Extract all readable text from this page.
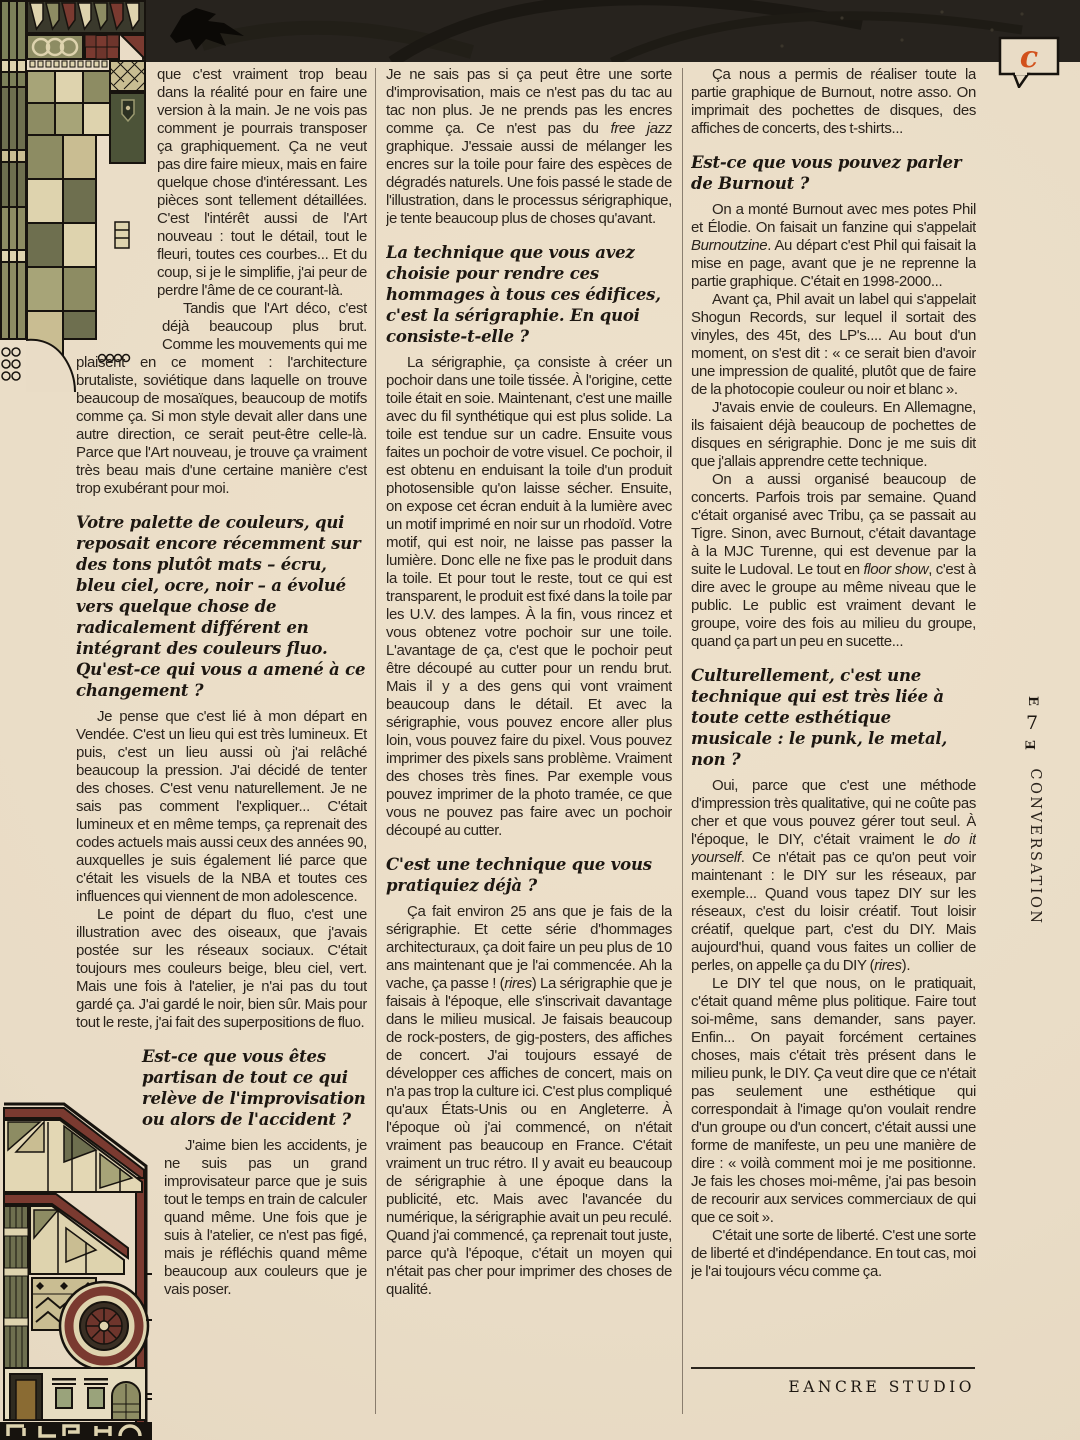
c

que c'est vraiment trop beau dans la réalité pour en faire une version à la main. Je ne vois pas comment je pourrais transposer ça graphiquement. Ça ne veut pas dire faire mieux, mais en faire quelque chose d'intéressant. Les pièces sont tellement détaillées. C'est l'intérêt aussi de l'Art nouveau : tout le détail, tout le fleuri, toutes ces courbes... Et du coup, si je le simplifie, j'ai peur de perdre l'âme de ce courant-là.

Tandis que l'Art déco, c'est déjà beaucoup plus brut. Comme les mouvements qui me plaisent en ce moment : l'architecture brutaliste, soviétique dans laquelle on trouve beaucoup de mosaïques, beaucoup de motifs comme ça. Si mon style devait aller dans une autre direction, ce serait peut-être celle-là. Parce que l'Art nouveau, je trouve ça vraiment très beau mais d'une certaine manière c'est trop exubérant pour moi.

Votre palette de couleurs, qui reposait encore récemment sur des tons plutôt mats – écru, bleu ciel, ocre, noir – a évolué vers quelque chose de radicalement différent en intégrant des couleurs fluo. Qu'est-ce qui vous a amené à ce changement ?

Je pense que c'est lié à mon départ en Vendée. C'est un lieu qui est très lumineux. Et puis, c'est un lieu aussi où j'ai relâché beaucoup la pression. J'ai décidé de tenter des choses. C'est venu naturellement. Je ne sais pas comment l'expliquer... C'était lumineux et en même temps, ça reprenait des codes actuels mais aussi ceux des années 90, auxquelles je suis également lié parce que c'était les visuels de la NBA et toutes ces influences qui viennent de mon adolescence.

Le point de départ du fluo, c'est une illustration avec des oiseaux, que j'avais postée sur les réseaux sociaux. C'était toujours mes couleurs beige, bleu ciel, vert. Mais une fois à l'atelier, je n'ai pas du tout gardé ça. J'ai gardé le noir, bien sûr. Mais pour tout le reste, j'ai fait des superpositions de fluo.

Est-ce que vous êtes partisan de tout ce qui relève de l'improvisation ou alors de l'accident ?

J'aime bien les accidents, je ne suis pas un grand improvisateur parce que je suis tout le temps en train de calculer quand même. Une fois que je suis à l'atelier, ce n'est pas figé, mais je réfléchis quand même beaucoup aux couleurs que je vais poser.

Je ne sais pas si ça peut être une sorte d'improvisation, mais ce n'est pas du tac au tac non plus. Je ne prends pas les encres comme ça. Ce n'est pas du free jazz graphique. J'essaie aussi de mélanger les encres sur la toile pour faire des espèces de dégradés naturels. Une fois passé le stade de l'illustration, dans le processus sérigraphique, je tente beaucoup plus de choses qu'avant.

La technique que vous avez choisie pour rendre ces hommages à tous ces édifices, c'est la sérigraphie. En quoi consiste-t-elle ?

La sérigraphie, ça consiste à créer un pochoir dans une toile tissée. À l'origine, cette toile était en soie. Maintenant, c'est une maille avec du fil synthétique qui est plus solide. La toile est tendue sur un cadre. Ensuite vous faites un pochoir de votre visuel. Ce pochoir, il est obtenu en enduisant la toile d'un produit photosensible qu'on laisse sécher. Ensuite, on expose cet écran enduit à la lumière avec un motif imprimé en noir sur un rhodoïd. Votre motif, qui est noir, ne laisse pas passer la lumière. Donc elle ne fixe pas le produit dans la toile. Et pour tout le reste, tout ce qui est transparent, le produit est fixé dans la toile par les U.V. des lampes. À la fin, vous rincez et vous obtenez votre pochoir sur une toile. L'avantage de ça, c'est que le pochoir peut être découpé au cutter pour un rendu brut. Mais il y a des gens qui vont vraiment beaucoup dans le détail. Et avec la sérigraphie, vous pouvez encore aller plus loin, vous pouvez faire du pixel. Vous pouvez imprimer des pixels sans problème. Vraiment des choses très fines. Par exemple vous pouvez imprimer de la photo tramée, ce que vous ne pouvez pas faire avec un pochoir découpé au cutter.

C'est une technique que vous pratiquiez déjà ?

Ça fait environ 25 ans que je fais de la sérigraphie. Et cette série d'hommages architecturaux, ça doit faire un peu plus de 10 ans maintenant que je l'ai commencée. Ah la vache, ça passe ! (rires) La sérigraphie que je faisais à l'époque, elle s'inscrivait davantage dans le milieu musical. Je faisais beaucoup de rock-posters, de gig-posters, des affiches de concert. J'ai toujours essayé de développer ces affiches de concert, mais on n'a pas trop la culture ici. C'est plus compliqué qu'aux États-Unis ou en Angleterre. À l'époque où j'ai commencé, on n'était vraiment pas beaucoup en France. C'était vraiment un truc rétro. Il y avait eu beaucoup de sérigraphie à une époque dans la publicité, etc. Mais avec l'avancée du numérique, la sérigraphie avait un peu reculé. Quand j'ai commencé, ça reprenait tout juste, parce qu'à l'époque, c'était un moyen qui n'était pas cher pour imprimer des choses de qualité.

Ça nous a permis de réaliser toute la partie graphique de Burnout, notre asso. On imprimait des pochettes de disques, des affiches de concerts, des t-shirts...

Est-ce que vous pouvez parler de Burnout ?

On a monté Burnout avec mes potes Phil et Élodie. On faisait un fanzine qui s'appelait Burnoutzine. Au départ c'est Phil qui faisait la mise en page, avant que je ne reprenne la partie graphique. C'était en 1998-2000...

Avant ça, Phil avait un label qui s'appelait Shogun Records, sur lequel il sortait des vinyles, des 45t, des LP's.... Au bout d'un moment, on s'est dit : « ce serait bien d'avoir une impression de qualité, plutôt que de faire de la photocopie couleur ou noir et blanc ».

J'avais envie de couleurs. En Allemagne, ils faisaient déjà beaucoup de pochettes de disques en sérigraphie. Donc je me suis dit que j'allais apprendre cette technique.

On a aussi organisé beaucoup de concerts. Parfois trois par semaine. Quand c'était organisé avec Tribu, ça se passait au Tigre. Sinon, avec Burnout, c'était davantage à la MJC Turenne, qui est devenue par la suite le Ludoval. Le tout en floor show, c'est à dire avec le groupe au même niveau que le public. Le public est vraiment devant le groupe, voire des fois au milieu du groupe, quand ça part un peu en sucette...

Culturellement, c'est une technique qui est très liée à toute cette esthétique musicale : le punk, le metal, non ?

Oui, parce que c'est une méthode d'impression très qualitative, qui ne coûte pas cher et que vous pouvez gérer tout seul. À l'époque, le DIY, c'était vraiment le do it yourself. Ce n'était pas ce qu'on peut voir maintenant : le DIY sur les réseaux, par exemple... Quand vous tapez DIY sur les réseaux, c'est du loisir créatif. Tout loisir créatif, quelque part, c'est du DIY. Mais aujourd'hui, quand vous faites un collier de perles, on appelle ça du DIY (rires).

Le DIY tel que nous, on le pratiquait, c'était quand même plus politique. Faire tout soi-même, sans demander, sans payer. Enfin... On payait forcément certaines choses, mais c'était très présent dans le milieu punk, le DIY. Ça veut dire que ce n'était pas seulement une esthétique qui correspondait à l'image qu'on voulait rendre d'un groupe ou d'un concert, c'était aussi une forme de manifeste, un peu une manière de dire : « voilà comment moi je me positionne. Je fais les choses moi-même, j'ai pas besoin de recourir aux services commerciaux de qui que ce soit ».

C'était une sorte de liberté. C'est une sorte de liberté et d'indépendance. En tout cas, moi je l'ai toujours vécu comme ça.

E
7
E
CONVERSATION
EANCRE STUDIO
